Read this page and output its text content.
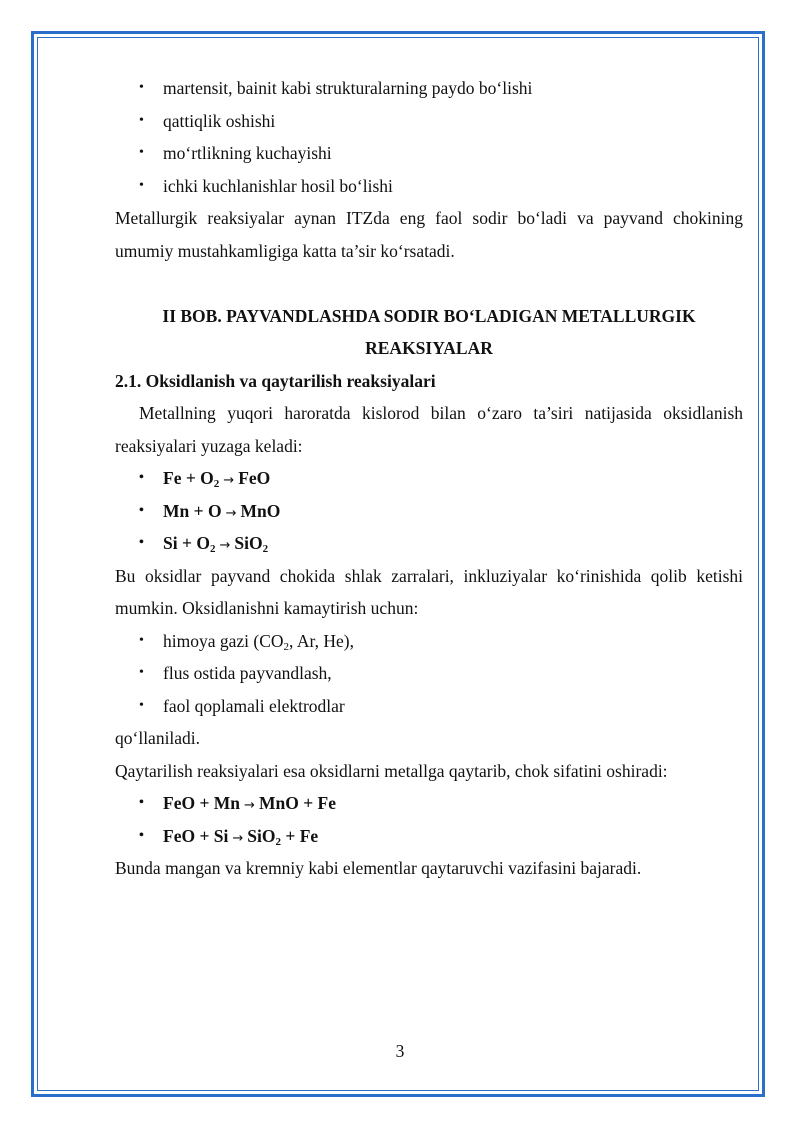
• martensit, bainit kabi strukturalarning paydo bo‘lishi
• qattiqlik oshishi
• mo‘rtlikning kuchayishi
• ichki kuchlanishlar hosil bo‘lishi

Metallurgik reaksiyalar aynan ITZda eng faol sodir bo‘ladi va payvand chokining umumiy mustahkamligiga katta ta’sir ko‘rsatadi.

II BOB. PAYVANDLASHDA SODIR BO‘LADIGAN METALLURGIK REAKSIYALAR

2.1. Oksidlanish va qaytarilish reaksiyalari

Metallning yuqori haroratda kislorod bilan o‘zaro ta’siri natijasida oksidlanish reaksiyalari yuzaga keladi:

• $Fe + O_2$ → FeO
• Mn + O → MnO
• $Si + O_2 \to SiO_2$

Bu oksidlar payvand chokida shlak zarralari, inkluziyalar ko‘rinishida qolib ketishi mumkin. Oksidlanishni kamaytirish uchun:

• himoya gazi ($CO_2$, Ar, He),
• flus ostida payvandlash,
• faol qoplamali elektrodlar

qo‘llaniladi.

Qaytarilish reaksiyalari esa oksidlarni metallga qaytarib, chok sifatini oshiradi:

• FeO + Mn → MnO + Fe
• FeO + Si → SiO$_2$ + Fe

Bunda mangan va kremniy kabi elementlar qaytaruvchi vazifasini bajaradi.

3
